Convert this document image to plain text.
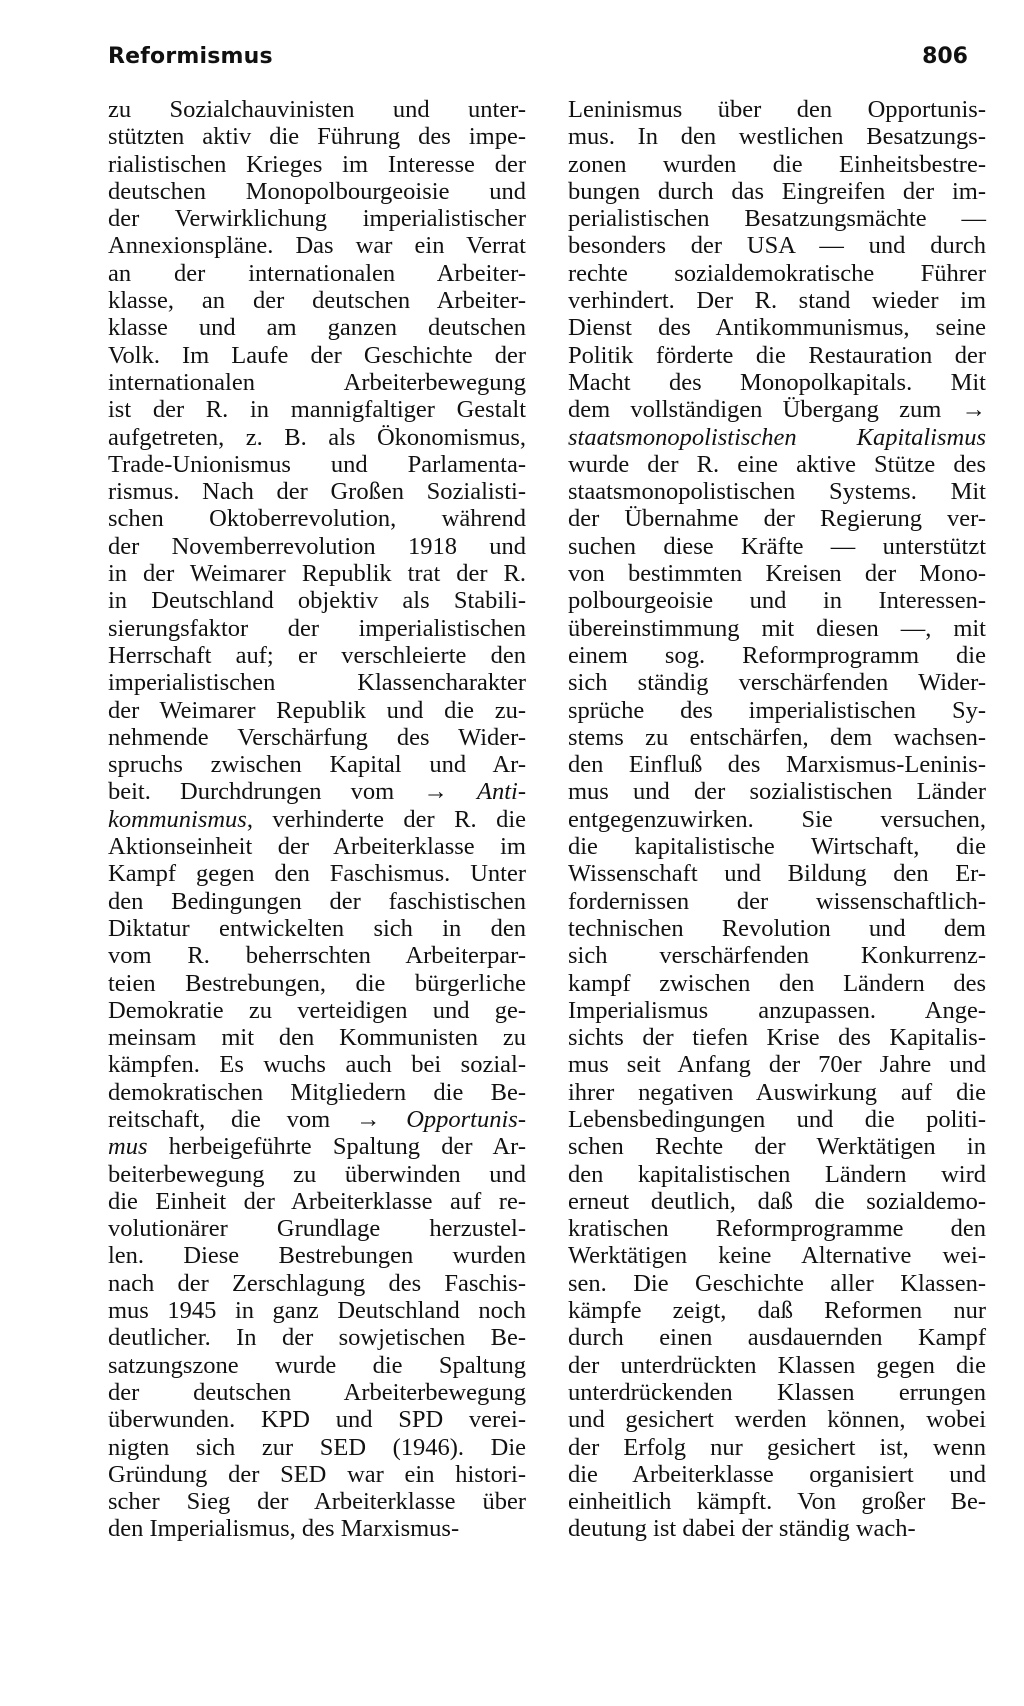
Reformismus	806
zu Sozialchauvinisten und unter-
stützten aktiv die Führung des impe-
rialistischen Krieges im Interesse der
deutschen Monopolbourgeoisie und
der Verwirklichung imperialistischer
Annexionspläne. Das war ein Verrat
an der internationalen Arbeiter-
klasse, an der deutschen Arbeiter-
klasse und am ganzen deutschen
Volk. Im Laufe der Geschichte der
internationalen Arbeiterbewegung
ist der R. in mannigfaltiger Gestalt
aufgetreten, z. B. als Ökonomismus,
Trade-Unionismus und Parlamenta-
rismus. Nach der Großen Sozialisti-
schen Oktoberrevolution, während
der Novemberrevolution 1918 und
in der Weimarer Republik trat der R.
in Deutschland objektiv als Stabili-
sierungsfaktor der imperialistischen
Herrschaft auf; er verschleierte den
imperialistischen Klassencharakter
der Weimarer Republik und die zu-
nehmende Verschärfung des Wider-
spruchs zwischen Kapital und Ar-
beit. Durchdrungen vom → Anti-
kommunismus, verhinderte der R. die
Aktionseinheit der Arbeiterklasse im
Kampf gegen den Faschismus. Unter
den Bedingungen der faschistischen
Diktatur entwickelten sich in den
vom R. beherrschten Arbeiterpar-
teien Bestrebungen, die bürgerliche
Demokratie zu verteidigen und ge-
meinsam mit den Kommunisten zu
kämpfen. Es wuchs auch bei sozial-
demokratischen Mitgliedern die Be-
reitschaft, die vom → Opportunis-
mus herbeigeführte Spaltung der Ar-
beiterbewegung zu überwinden und
die Einheit der Arbeiterklasse auf re-
volutionärer Grundlage herzustel-
len. Diese Bestrebungen wurden
nach der Zerschlagung des Faschis-
mus 1945 in ganz Deutschland noch
deutlicher. In der sowjetischen Be-
satzungszone wurde die Spaltung
der deutschen Arbeiterbewegung
überwunden. KPD und SPD verei-
nigten sich zur SED (1946). Die
Gründung der SED war ein histori-
scher Sieg der Arbeiterklasse über
den Imperialismus, des Marxismus-
Leninismus über den Opportunis-
mus. In den westlichen Besatzungs-
zonen wurden die Einheitsbestre-
bungen durch das Eingreifen der im-
perialistischen Besatzungsmächte —
besonders der USA — und durch
rechte sozialdemokratische Führer
verhindert. Der R. stand wieder im
Dienst des Antikommunismus, seine
Politik förderte die Restauration der
Macht des Monopolkapitals. Mit
dem vollständigen Übergang zum →
staatsmonopolistischen Kapitalismus
wurde der R. eine aktive Stütze des
staatsmonopolistischen Systems. Mit
der Übernahme der Regierung ver-
suchen diese Kräfte — unterstützt
von bestimmten Kreisen der Mono-
polbourgeoisie und in Interessen-
übereinstimmung mit diesen —, mit
einem sog. Reformprogramm die
sich ständig verschärfenden Wider-
sprüche des imperialistischen Sy-
stems zu entschärfen, dem wachsen-
den Einfluß des Marxismus-Leninis-
mus und der sozialistischen Länder
entgegenzuwirken. Sie versuchen,
die kapitalistische Wirtschaft, die
Wissenschaft und Bildung den Er-
fordernissen der wissenschaftlich-
technischen Revolution und dem
sich verschärfenden Konkurrenz-
kampf zwischen den Ländern des
Imperialismus anzupassen. Ange-
sichts der tiefen Krise des Kapitalis-
mus seit Anfang der 70er Jahre und
ihrer negativen Auswirkung auf die
Lebensbedingungen und die politi-
schen Rechte der Werktätigen in
den kapitalistischen Ländern wird
erneut deutlich, daß die sozialdemo-
kratischen Reformprogramme den
Werktätigen keine Alternative wei-
sen. Die Geschichte aller Klassen-
kämpfe zeigt, daß Reformen nur
durch einen ausdauernden Kampf
der unterdrückten Klassen gegen die
unterdrückenden Klassen errungen
und gesichert werden können, wobei
der Erfolg nur gesichert ist, wenn
die Arbeiterklasse organisiert und
einheitlich kämpft. Von großer Be-
deutung ist dabei der ständig wach-
